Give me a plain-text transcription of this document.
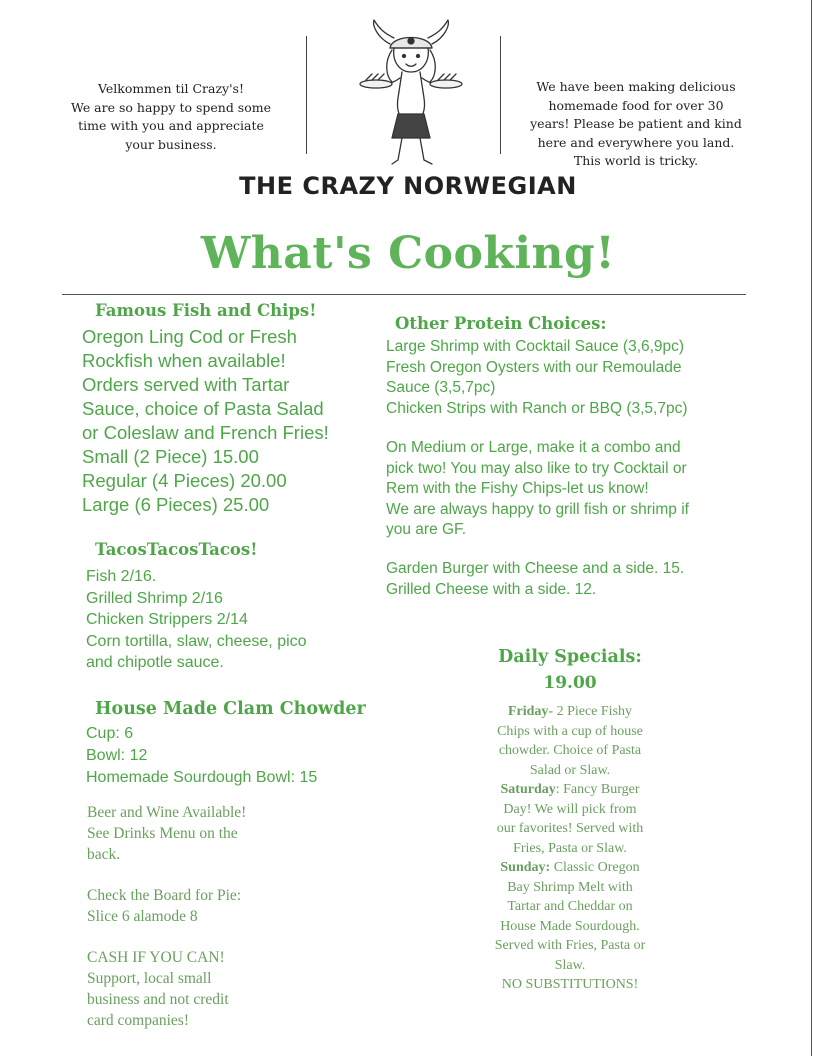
Velkommen til Crazy's!
We are so happy to spend some
time with you and appreciate
your business.
We have been making delicious
homemade food for over 30
years! Please be patient and kind
here and everywhere you land.
This world is tricky.
THE CRAZY NORWEGIAN
What's Cooking!
Famous Fish and Chips!
Oregon Ling Cod or Fresh
Rockfish when available!
Orders served with Tartar
Sauce, choice of Pasta Salad
or Coleslaw and French Fries!
Small (2 Piece) 15.00
Regular (4 Pieces) 20.00
Large (6 Pieces) 25.00
TacosTacosTacos!
Fish 2/16.
Grilled Shrimp 2/16
Chicken Strippers 2/14
Corn tortilla, slaw, cheese, pico
and chipotle sauce.
House Made Clam Chowder
Cup: 6
Bowl: 12
Homemade Sourdough Bowl: 15
Beer and Wine Available!
See Drinks Menu on the
back.
Check the Board for Pie:
Slice 6 alamode 8
CASH IF YOU CAN!
Support, local small
business and not credit
card companies!
Other Protein Choices:
Large Shrimp with Cocktail Sauce (3,6,9pc)
Fresh Oregon Oysters with our Remoulade
Sauce (3,5,7pc)
Chicken Strips with Ranch or BBQ (3,5,7pc)
On Medium or Large, make it a combo and
pick two! You may also like to try Cocktail or
Rem with the Fishy Chips-let us know!
We are always happy to grill fish or shrimp if
you are GF.
Garden Burger with Cheese and a side. 15.
Grilled Cheese with a side. 12.
Daily Specials:
19.00
Friday- 2 Piece Fishy
Chips with a cup of house
chowder. Choice of Pasta
Salad or Slaw.
Saturday: Fancy Burger
Day! We will pick from
our favorites! Served with
Fries, Pasta or Slaw.
Sunday: Classic Oregon
Bay Shrimp Melt with
Tartar and Cheddar on
House Made Sourdough.
Served with Fries, Pasta or
Slaw.
NO SUBSTITUTIONS!
